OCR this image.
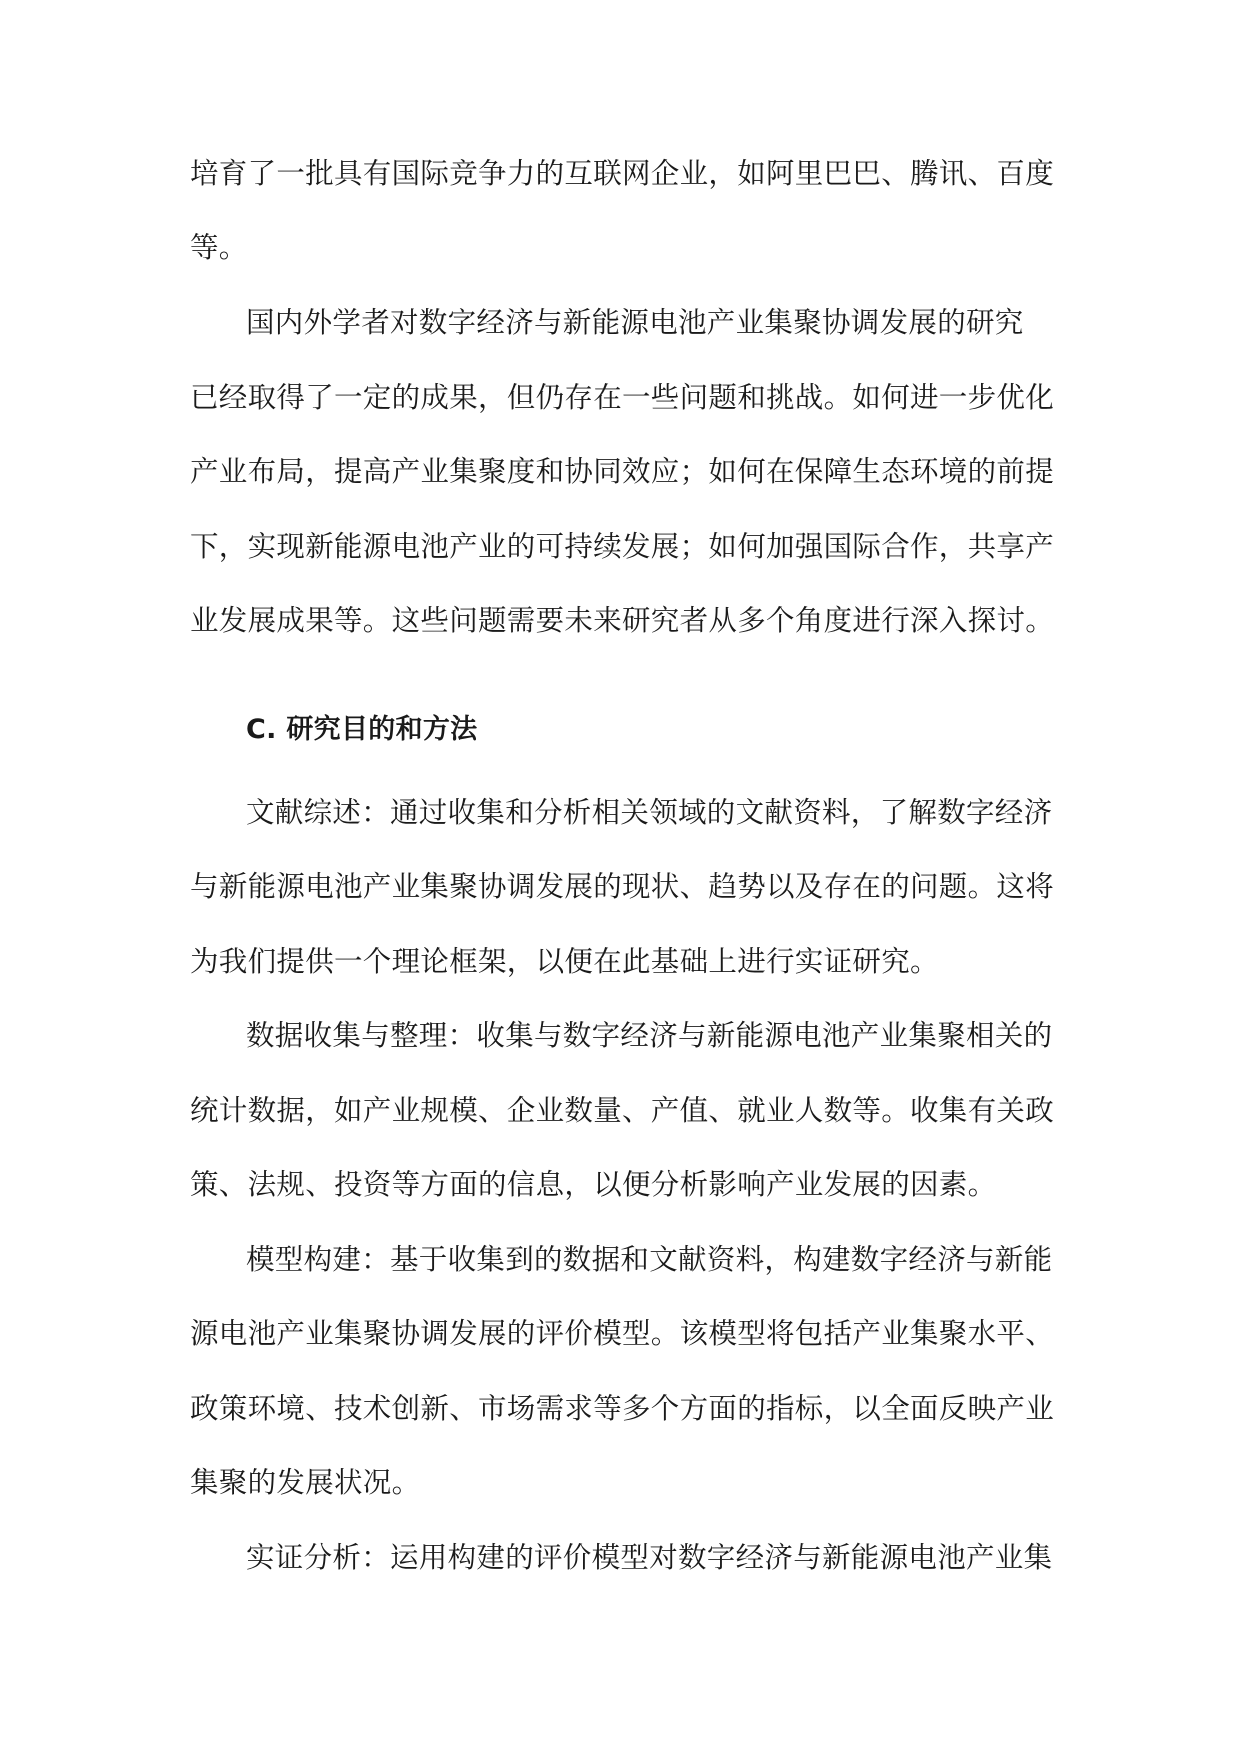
培育了一批具有国际竞争力的互联网企业，如阿里巴巴、腾讯、百度
等。
国内外学者对数字经济与新能源电池产业集聚协调发展的研究
已经取得了一定的成果，但仍存在一些问题和挑战。如何进一步优化
产业布局，提高产业集聚度和协同效应；如何在保障生态环境的前提
下，实现新能源电池产业的可持续发展；如何加强国际合作，共享产
业发展成果等。这些问题需要未来研究者从多个角度进行深入探讨。
C. 研究目的和方法
文献综述：通过收集和分析相关领域的文献资料，了解数字经济
与新能源电池产业集聚协调发展的现状、趋势以及存在的问题。这将
为我们提供一个理论框架，以便在此基础上进行实证研究。
数据收集与整理：收集与数字经济与新能源电池产业集聚相关的
统计数据，如产业规模、企业数量、产值、就业人数等。收集有关政
策、法规、投资等方面的信息，以便分析影响产业发展的因素。
模型构建：基于收集到的数据和文献资料，构建数字经济与新能
源电池产业集聚协调发展的评价模型。该模型将包括产业集聚水平、
政策环境、技术创新、市场需求等多个方面的指标，以全面反映产业
集聚的发展状况。
实证分析：运用构建的评价模型对数字经济与新能源电池产业集
